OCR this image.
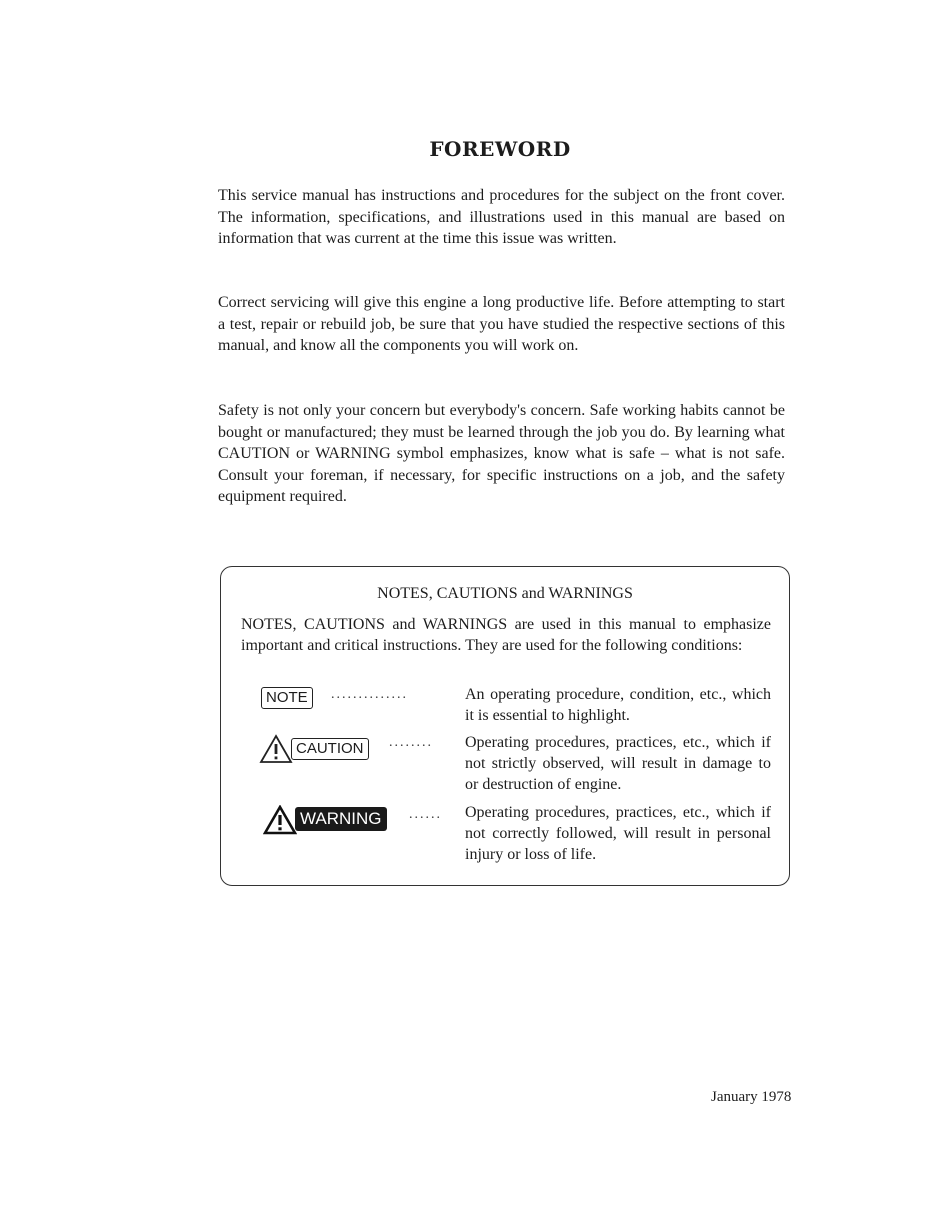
FOREWORD

This service manual has instructions and procedures for the subject on the front cover. The information, specifications, and illustrations used in this manual are based on information that was current at the time this issue was written.

Correct servicing will give this engine a long productive life. Before attempting to start a test, repair or rebuild job, be sure that you have studied the respective sections of this manual, and know all the components you will work on.

Safety is not only your concern but everybody's concern. Safe working habits cannot be bought or manufactured; they must be learned through the job you do. By learning what CAUTION or WARNING symbol emphasizes, know what is safe – what is not safe. Consult your foreman, if necessary, for specific instructions on a job, and the safety equipment required.

NOTES, CAUTIONS and WARNINGS

NOTES, CAUTIONS and WARNINGS are used in this manual to emphasize important and critical instructions. They are used for the following conditions:

NOTE	..............	An operating procedure, condition, etc., which it is essential to highlight.

CAUTION	........ Operating procedures, practices, etc., which if not strictly observed, will result in damage to or destruction of engine.

WARNING	...... Operating procedures, practices, etc., which if not correctly followed, will result in personal injury or loss of life.

January 1978
